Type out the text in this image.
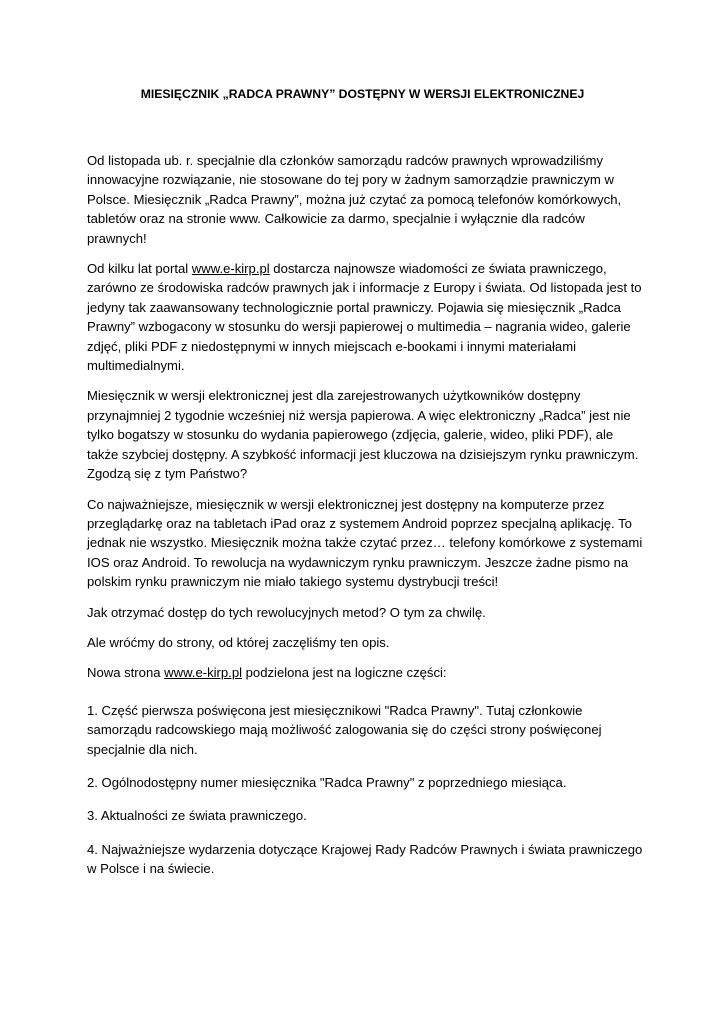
MIESIĘCZNIK „RADCA PRAWNY” DOSTĘPNY W WERSJI ELEKTRONICZNEJ

Od listopada ub. r. specjalnie dla członków samorządu radców prawnych wprowadziliśmy innowacyjne rozwiązanie, nie stosowane do tej pory w żadnym samorządzie prawniczym w Polsce. Miesięcznik „Radca Prawny”, można już czytać za pomocą telefonów komórkowych, tabletów oraz na stronie www. Całkowicie za darmo, specjalnie i wyłącznie dla radców prawnych!

Od kilku lat portal www.e-kirp.pl dostarcza najnowsze wiadomości ze świata prawniczego, zarówno ze środowiska radców prawnych jak i informacje z Europy i świata. Od listopada jest to jedyny tak zaawansowany technologicznie portal prawniczy. Pojawia się miesięcznik „Radca Prawny” wzbogacony w stosunku do wersji papierowej o multimedia – nagrania wideo, galerie zdjęć, pliki PDF z niedostępnymi w innych miejscach e-bookami i innymi materiałami multimedialnymi.

Miesięcznik w wersji elektronicznej jest dla zarejestrowanych użytkowników dostępny przynajmniej 2 tygodnie wcześniej niż wersja papierowa. A więc elektroniczny „Radca” jest nie tylko bogatszy w stosunku do wydania papierowego (zdjęcia, galerie, wideo, pliki PDF), ale także szybciej dostępny. A szybkość informacji jest kluczowa na dzisiejszym rynku prawniczym. Zgodzą się z tym Państwo?

Co najważniejsze, miesięcznik w wersji elektronicznej jest dostępny na komputerze przez przeglądarkę oraz na tabletach iPad oraz z systemem Android poprzez specjalną aplikację. To jednak nie wszystko. Miesięcznik można także czytać przez… telefony komórkowe z systemami IOS oraz Android. To rewolucja na wydawniczym rynku prawniczym. Jeszcze żadne pismo na polskim rynku prawniczym nie miało takiego systemu dystrybucji treści!

Jak otrzymać dostęp do tych rewolucyjnych metod? O tym za chwilę.

Ale wróćmy do strony, od której zaczęliśmy ten opis.

Nowa strona www.e-kirp.pl podzielona jest na logiczne części:

1. Część pierwsza poświęcona jest miesięcznikowi "Radca Prawny". Tutaj członkowie samorządu radcowskiego mają możliwość zalogowania się do części strony poświęconej specjalnie dla nich.

2. Ogólnodostępny numer miesięcznika "Radca Prawny" z poprzedniego miesiąca.

3. Aktualności ze świata prawniczego.

4. Najważniejsze wydarzenia dotyczące Krajowej Rady Radców Prawnych i świata prawniczego w Polsce i na świecie.
